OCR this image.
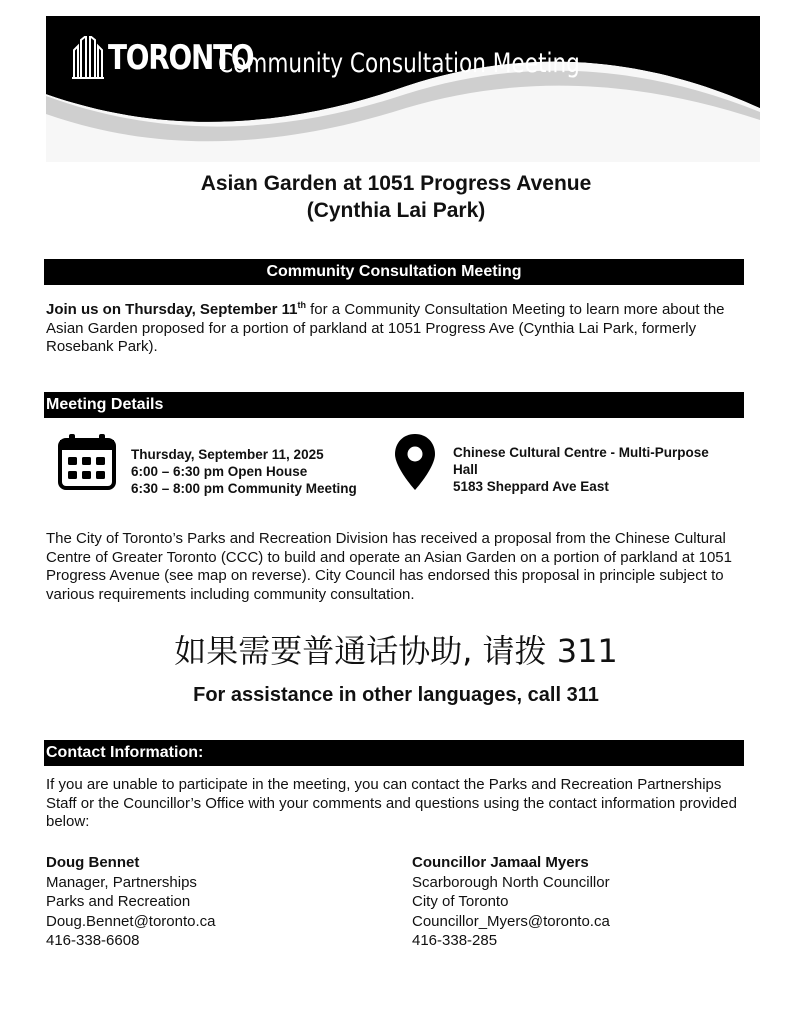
TORONTO
Community Consultation Meeting
Asian Garden at 1051 Progress Avenue
(Cynthia Lai Park)
Community Consultation Meeting
Join us on Thursday, September 11th for a Community Consultation Meeting to learn more about the Asian Garden proposed for a portion of parkland at 1051 Progress Ave (Cynthia Lai Park, formerly Rosebank Park).
Meeting Details
Thursday, September 11, 2025
6:00 – 6:30 pm Open House
6:30 – 8:00 pm Community Meeting
Chinese Cultural Centre - Multi-Purpose
Hall
5183 Sheppard Ave East
The City of Toronto’s Parks and Recreation Division has received a proposal from the Chinese Cultural Centre of Greater Toronto (CCC) to build and operate an Asian Garden on a portion of parkland at 1051 Progress Avenue (see map on reverse). City Council has endorsed this proposal in principle subject to various requirements including community consultation.
如果需要普通话协助, 请拨 311
For assistance in other languages, call 311
Contact Information:
If you are unable to participate in the meeting, you can contact the Parks and Recreation Partnerships Staff or the Councillor’s Office with your comments and questions using the contact information provided below:
Doug Bennet
Manager, Partnerships
Parks and Recreation
Doug.Bennet@toronto.ca
416-338-6608
Councillor Jamaal Myers
Scarborough North Councillor
City of Toronto
Councillor_Myers@toronto.ca
416-338-285
